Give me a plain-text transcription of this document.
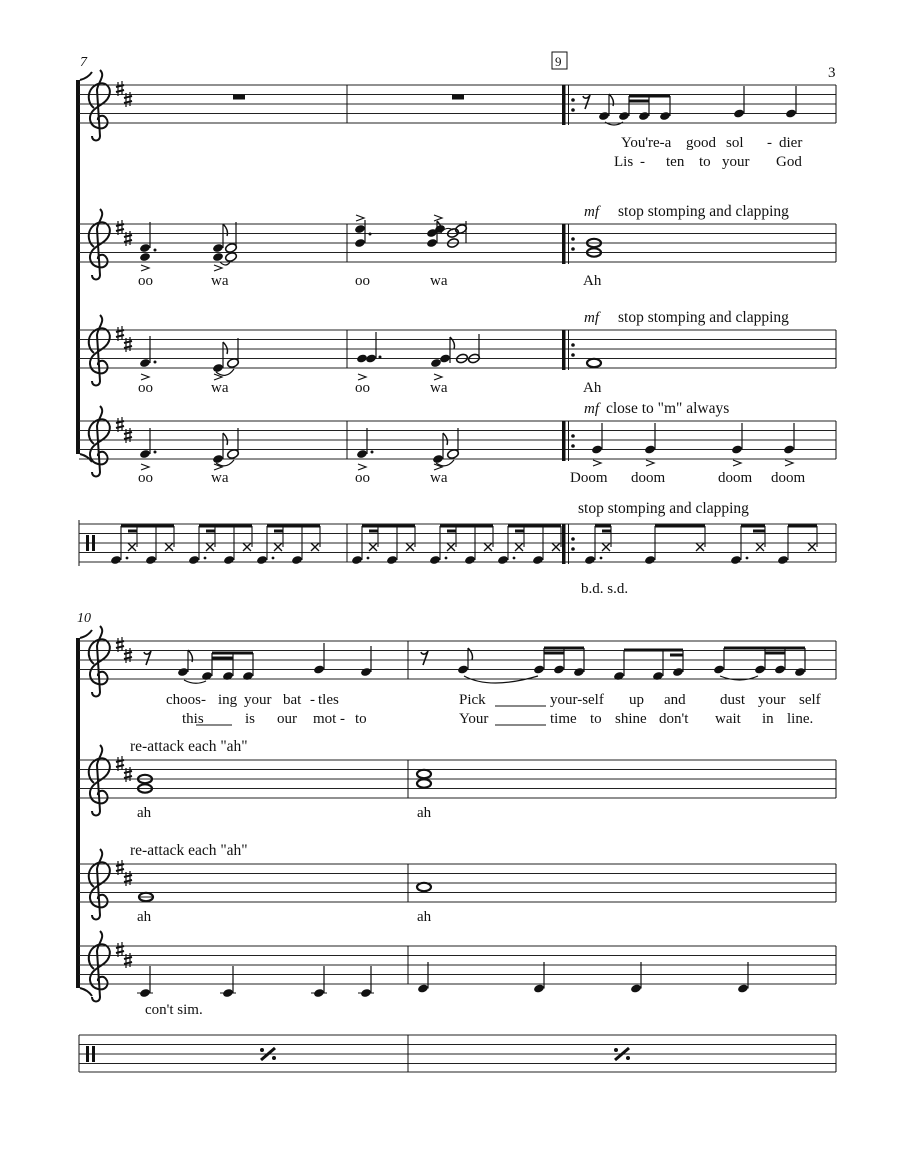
3
9
7
10
You're-a good sol - dier
Lis - ten to your God
mf stop stomping and clapping
oo	wa	oo	wa	Ah
mf stop stomping and clapping
oo	wa	oo	wa	Ah
mf close to "m" always
oo	wa	oo	wa	Doom doom	doom doom
stop stomping and clapping
b.d. s.d.
choos- ing your bat - tles	Pick	your-self up and dust your self
this	is our mot - to	Your	time to shine don't wait in line.
re-attack each "ah"
ah	ah
re-attack each "ah"
ah	ah
con't sim.
